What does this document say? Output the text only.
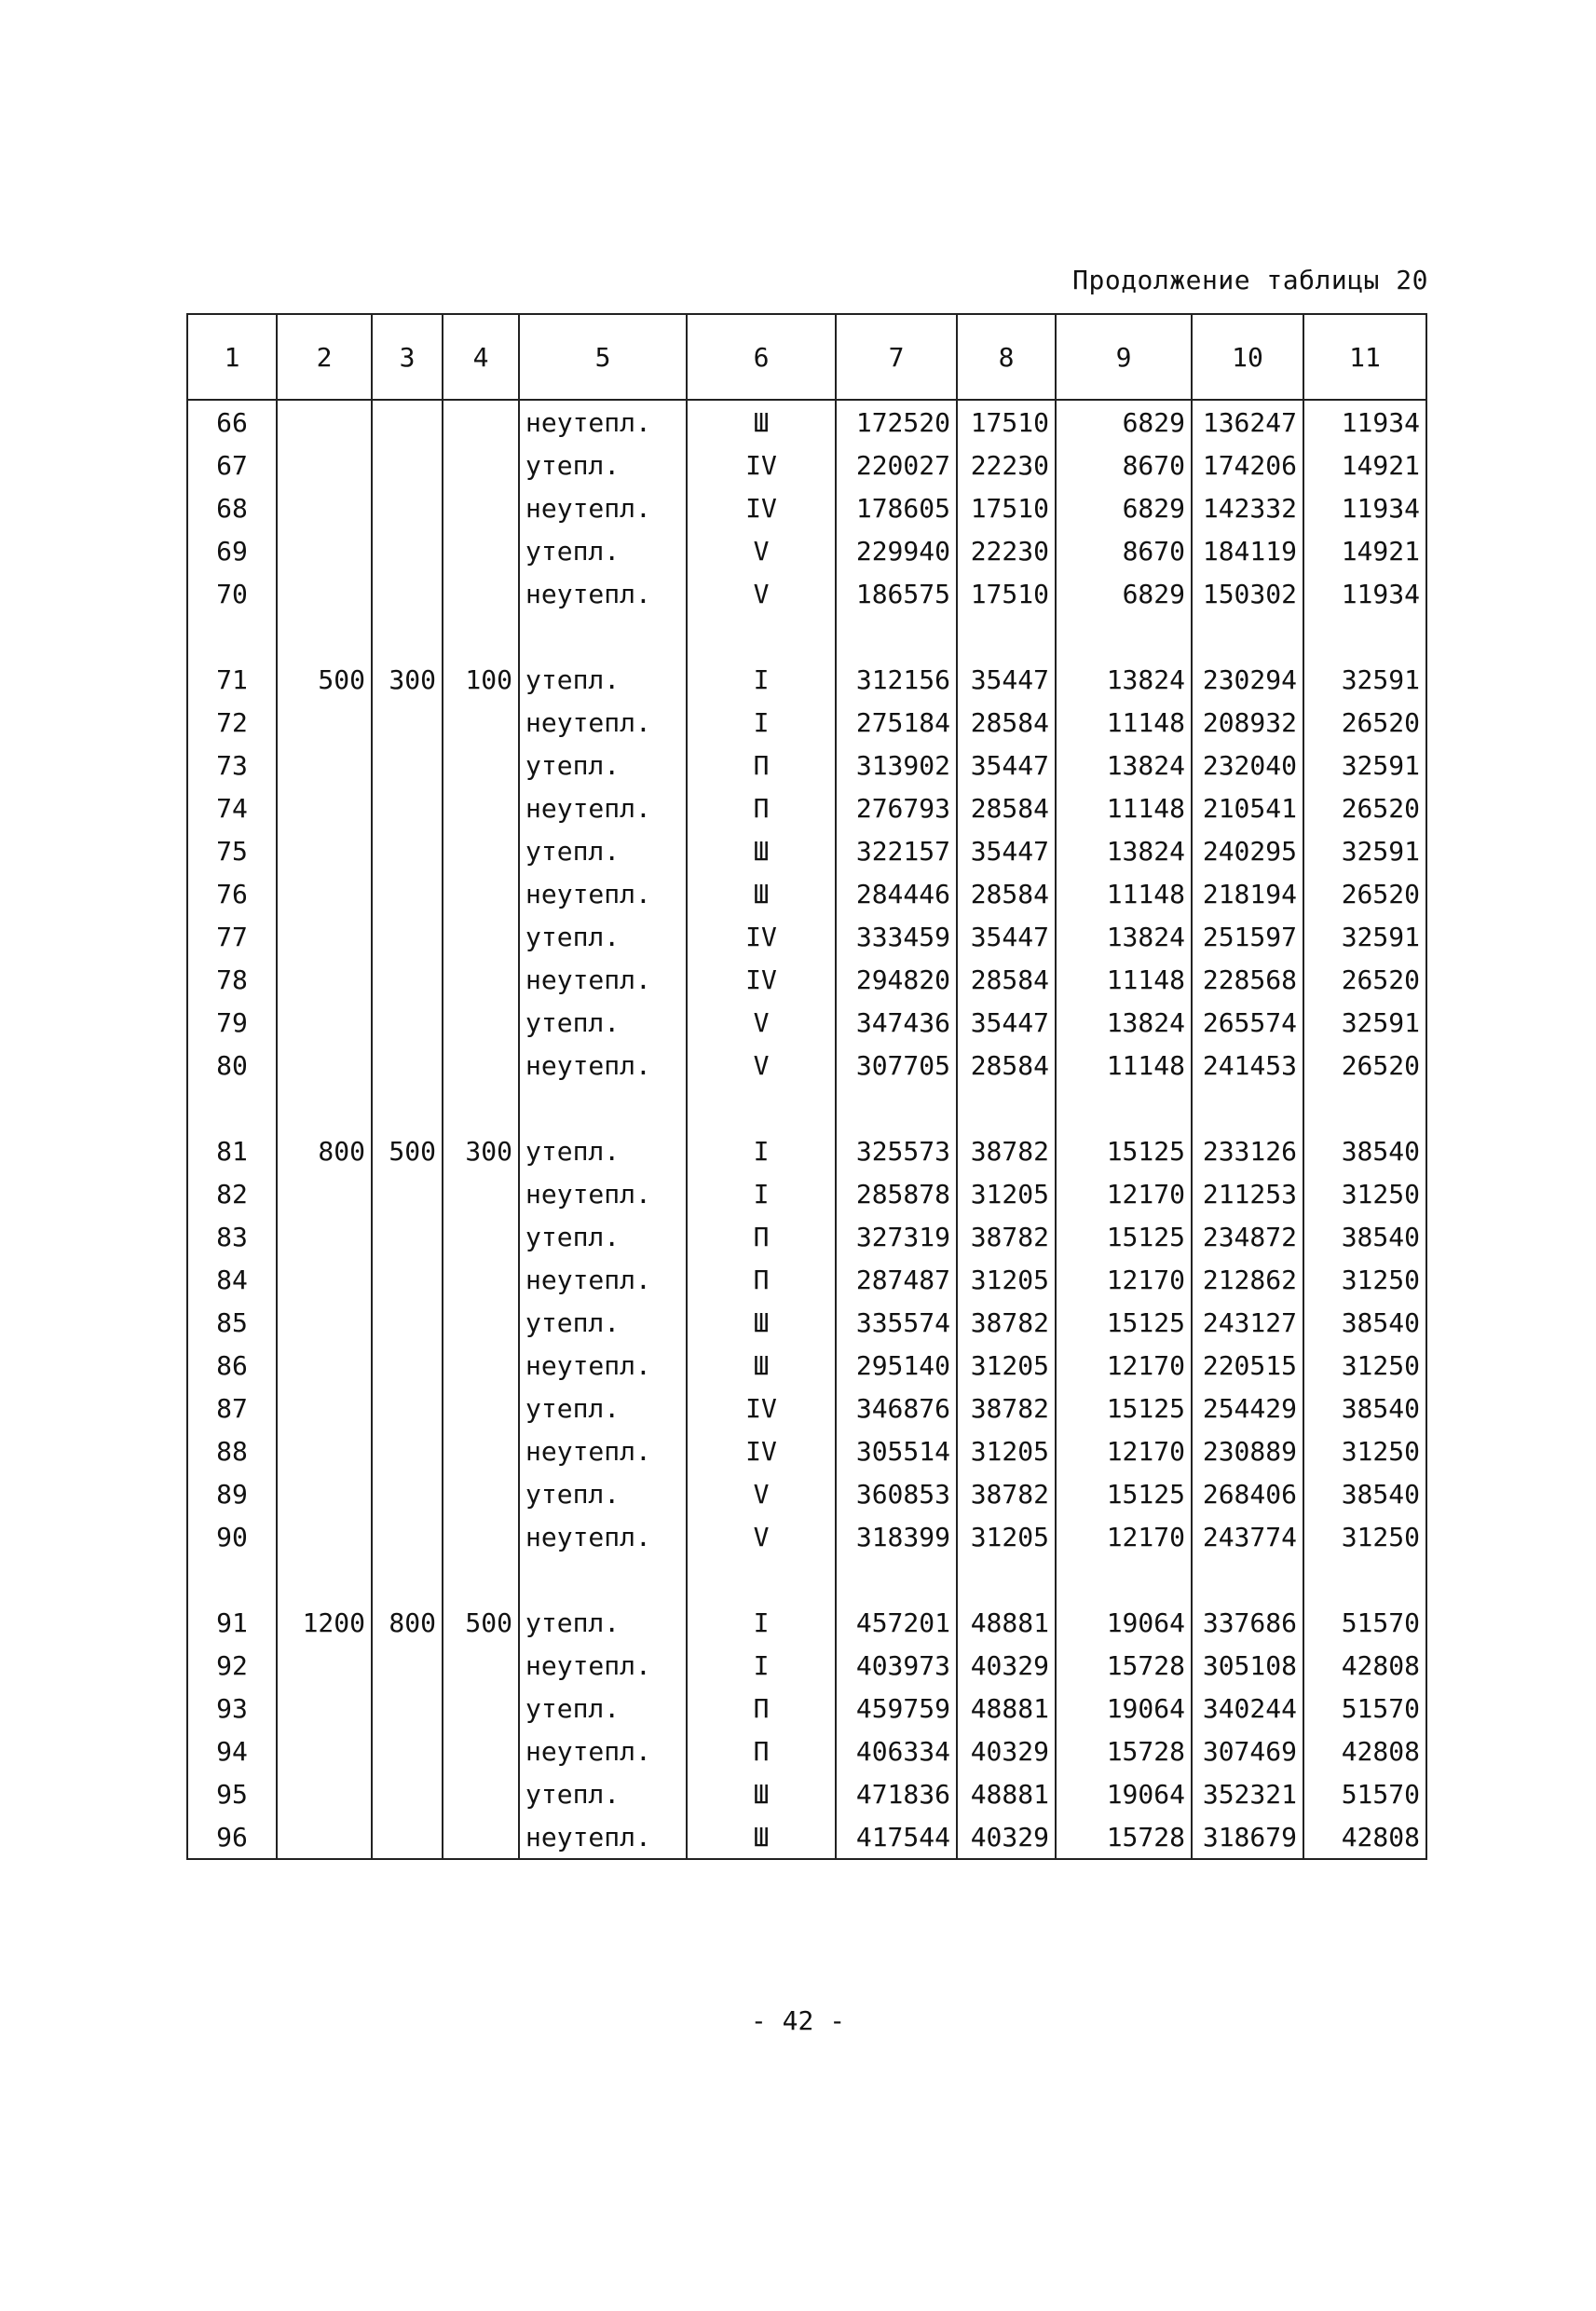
Продолжение таблицы 20
1	2	3	4	5	6	7	8	9	10	11
66				неутепл.	Ш	172520	17510	6829	136247	11934
67				утепл.	IV	220027	22230	8670	174206	14921
68				неутепл.	IV	178605	17510	6829	142332	11934
69				утепл.	V	229940	22230	8670	184119	14921
70				неутепл.	V	186575	17510	6829	150302	11934

71	500	300	100	утепл.	I	312156	35447	13824	230294	32591
72				неутепл.	I	275184	28584	11148	208932	26520
73				утепл.	П	313902	35447	13824	232040	32591
74				неутепл.	П	276793	28584	11148	210541	26520
75				утепл.	Ш	322157	35447	13824	240295	32591
76				неутепл.	Ш	284446	28584	11148	218194	26520
77				утепл.	IV	333459	35447	13824	251597	32591
78				неутепл.	IV	294820	28584	11148	228568	26520
79				утепл.	V	347436	35447	13824	265574	32591
80				неутепл.	V	307705	28584	11148	241453	26520

81	800	500	300	утепл.	I	325573	38782	15125	233126	38540
82				неутепл.	I	285878	31205	12170	211253	31250
83				утепл.	П	327319	38782	15125	234872	38540
84				неутепл.	П	287487	31205	12170	212862	31250
85				утепл.	Ш	335574	38782	15125	243127	38540
86				неутепл.	Ш	295140	31205	12170	220515	31250
87				утепл.	IV	346876	38782	15125	254429	38540
88				неутепл.	IV	305514	31205	12170	230889	31250
89				утепл.	V	360853	38782	15125	268406	38540
90				неутепл.	V	318399	31205	12170	243774	31250

91	1200	800	500	утепл.	I	457201	48881	19064	337686	51570
92				неутепл.	I	403973	40329	15728	305108	42808
93				утепл.	П	459759	48881	19064	340244	51570
94				неутепл.	П	406334	40329	15728	307469	42808
95				утепл.	Ш	471836	48881	19064	352321	51570
96				неутепл.	Ш	417544	40329	15728	318679	42808
- 42 -
